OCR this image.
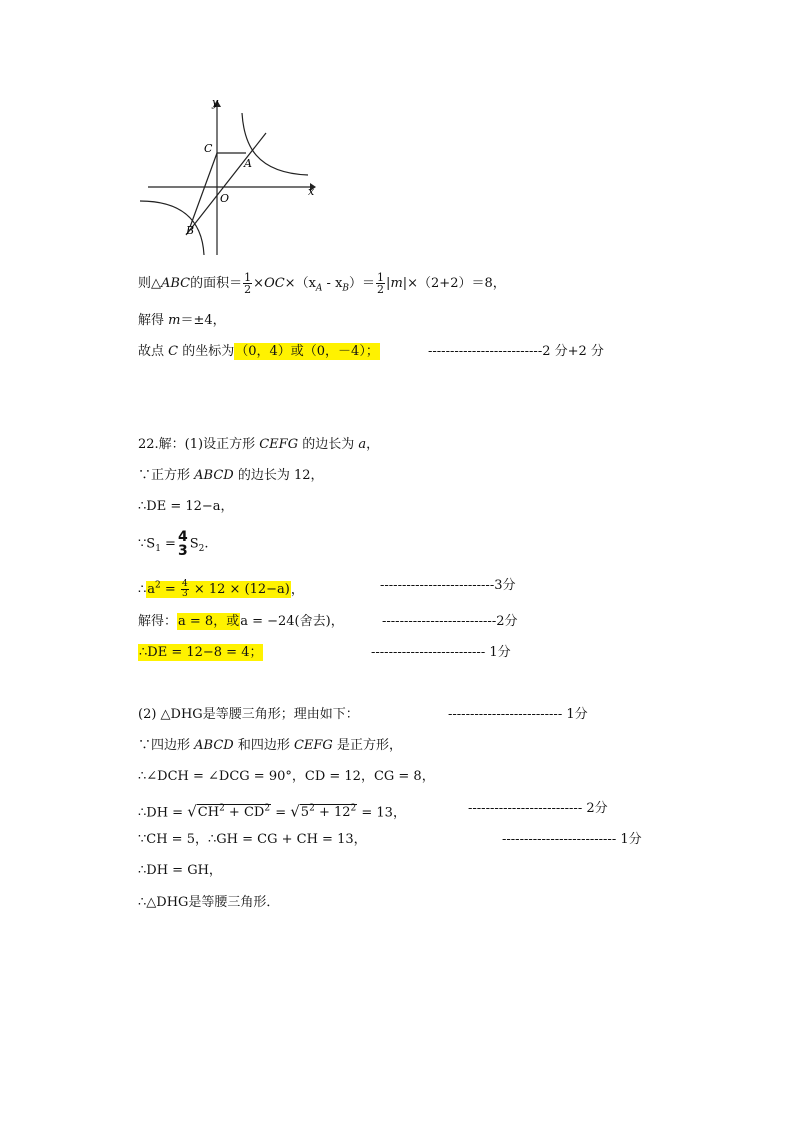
y
x
C
A
O
B
则△ABC的面积＝ $\frac{1}{2} \times OC\times(x_A - x_B)= \frac{1}{2} |m|\times(2+2)=8$，
解得 m＝±4，
故点 C 的坐标为（0，4）或（0，－4）；	--------------------------2 分+2 分
22.解：(1)设正方形 CEFG 的边长为 a，
∵正方形 ABCD 的边长为 12，
∴DE = 12−a，
$\because S_1 = 4$
3 $S_2$.
$\therefore a^2 = \frac{4}{3} \times 12 \times (12-a)$，	--------------------------3分
解得：a = 8，或a = −24(舍去)，	--------------------------2分
∴DE = 12−8 = 4；	-------------------------- 1分
(2) △DHG是等腰三角形；理由如下：	-------------------------- 1分
∵四边形 ABCD 和四边形 CEFG 是正方形，
∴∠DCH = ∠DCG = 90°，CD = 12，CG = 8，
∴DH = $√CH^2 + CD^2 = √5^2 + 12^2 = 13$，	-------------------------- 2分
∵CH = 5，∴GH = CG + CH = 13，	-------------------------- 1分
∴DH = GH，
∴△DHG是等腰三角形．
